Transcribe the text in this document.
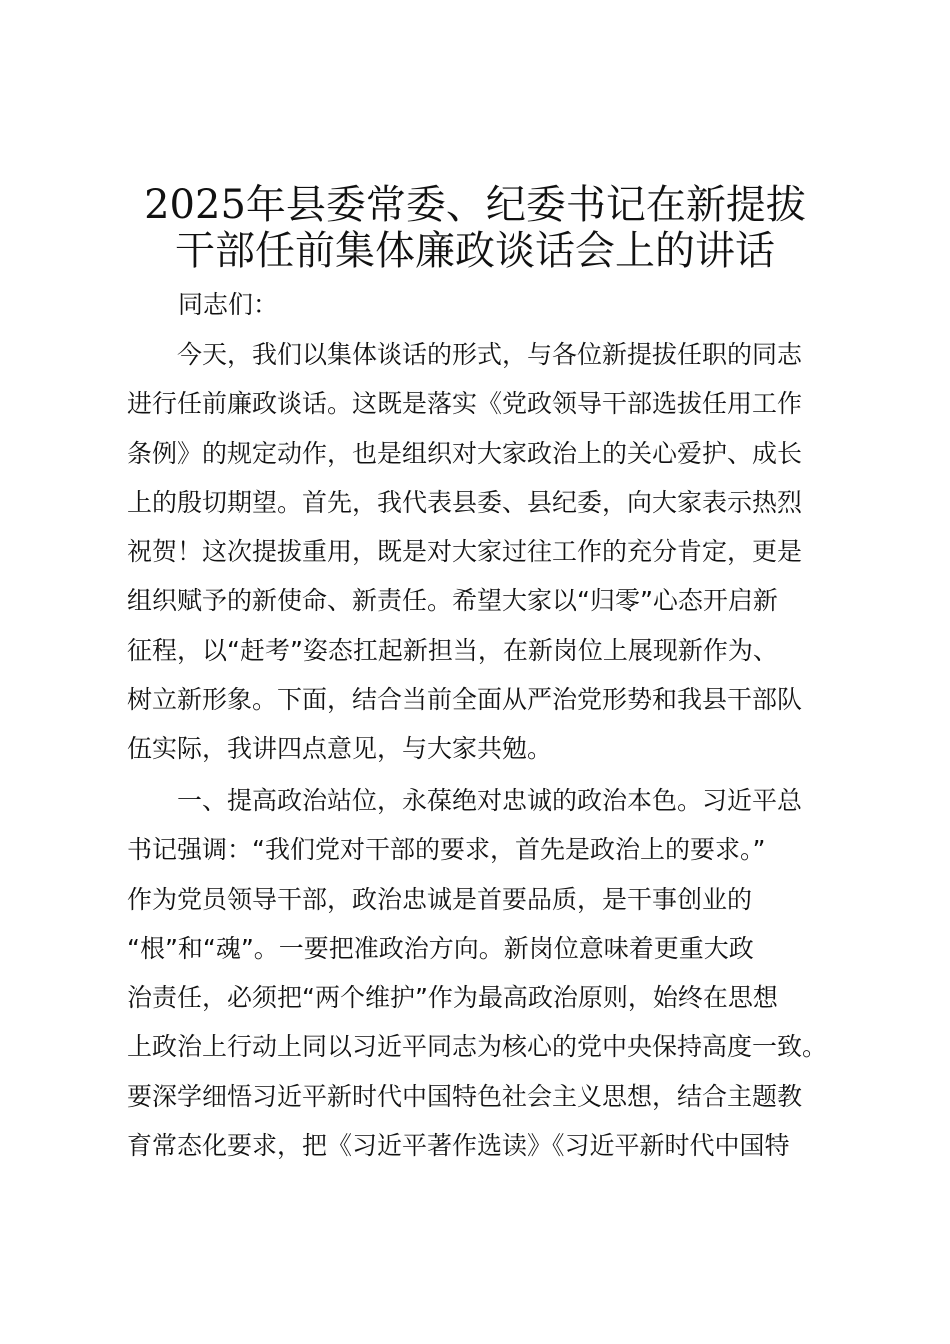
2025年县委常委、纪委书记在新提拔
干部任前集体廉政谈话会上的讲话
同志们：
今天，我们以集体谈话的形式，与各位新提拔任职的同志
进行任前廉政谈话。这既是落实《党政领导干部选拔任用工作
条例》的规定动作，也是组织对大家政治上的关心爱护、成长
上的殷切期望。首先，我代表县委、县纪委，向大家表示热烈
祝贺！这次提拔重用，既是对大家过往工作的充分肯定，更是
组织赋予的新使命、新责任。希望大家以“归零”心态开启新
征程，以“赶考”姿态扛起新担当，在新岗位上展现新作为、
树立新形象。下面，结合当前全面从严治党形势和我县干部队
伍实际，我讲四点意见，与大家共勉。
一、提高政治站位，永葆绝对忠诚的政治本色。习近平总
书记强调：“我们党对干部的要求，首先是政治上的要求。”
作为党员领导干部，政治忠诚是首要品质，是干事创业的
“根”和“魂”。一要把准政治方向。新岗位意味着更重大政
治责任，必须把“两个维护”作为最高政治原则，始终在思想
上政治上行动上同以习近平同志为核心的党中央保持高度一致。
要深学细悟习近平新时代中国特色社会主义思想，结合主题教
育常态化要求，把《习近平著作选读》《习近平新时代中国特
